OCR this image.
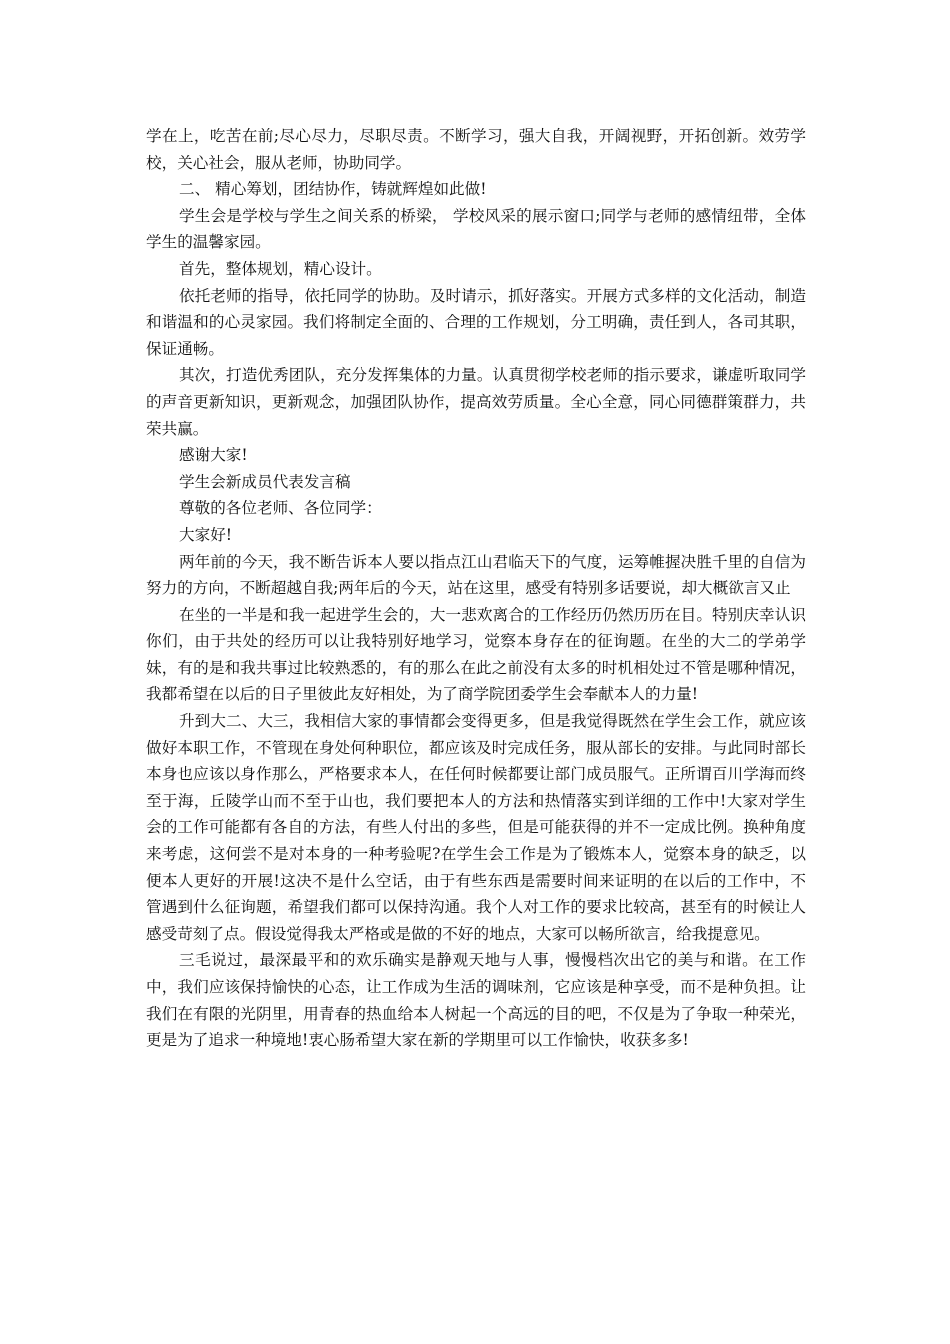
学在上，吃苦在前;尽心尽力，尽职尽责。不断学习，强大自我，开阔视野，开拓创新。效劳学校，关心社会，服从老师，协助同学。

二、 精心筹划，团结协作，铸就辉煌如此做!

学生会是学校与学生之间关系的桥梁， 学校风采的展示窗口;同学与老师的感情纽带，全体学生的温馨家园。

首先，整体规划，精心设计。

依托老师的指导，依托同学的协助。及时请示，抓好落实。开展方式多样的文化活动，制造和谐温和的心灵家园。我们将制定全面的、合理的工作规划，分工明确，责任到人，各司其职，保证通畅。

其次，打造优秀团队，充分发挥集体的力量。认真贯彻学校老师的指示要求，谦虚听取同学的声音更新知识，更新观念，加强团队协作，提高效劳质量。全心全意，同心同德群策群力，共荣共赢。

感谢大家!

学生会新成员代表发言稿

尊敬的各位老师、各位同学：

大家好!

两年前的今天，我不断告诉本人要以指点江山君临天下的气度，运筹帷握决胜千里的自信为努力的方向，不断超越自我;两年后的今天，站在这里，感受有特别多话要说，却大概欲言又止

在坐的一半是和我一起进学生会的，大一悲欢离合的工作经历仍然历历在目。特别庆幸认识你们，由于共处的经历可以让我特别好地学习，觉察本身存在的征询题。在坐的大二的学弟学妹，有的是和我共事过比较熟悉的，有的那么在此之前没有太多的时机相处过不管是哪种情况，我都希望在以后的日子里彼此友好相处，为了商学院团委学生会奉献本人的力量!

升到大二、大三，我相信大家的事情都会变得更多，但是我觉得既然在学生会工作，就应该做好本职工作，不管现在身处何种职位，都应该及时完成任务，服从部长的安排。与此同时部长本身也应该以身作那么，严格要求本人，在任何时候都要让部门成员服气。正所谓百川学海而终至于海，丘陵学山而不至于山也，我们要把本人的方法和热情落实到详细的工作中!大家对学生会的工作可能都有各自的方法，有些人付出的多些，但是可能获得的并不一定成比例。换种角度来考虑，这何尝不是对本身的一种考验呢?在学生会工作是为了锻炼本人，觉察本身的缺乏，以便本人更好的开展!这决不是什么空话，由于有些东西是需要时间来证明的在以后的工作中，不管遇到什么征询题，希望我们都可以保持沟通。我个人对工作的要求比较高，甚至有的时候让人感受苛刻了点。假设觉得我太严格或是做的不好的地点，大家可以畅所欲言，给我提意见。

三毛说过，最深最平和的欢乐确实是静观天地与人事，慢慢档次出它的美与和谐。在工作中，我们应该保持愉快的心态，让工作成为生活的调味剂，它应该是种享受，而不是种负担。让我们在有限的光阴里，用青春的热血给本人树起一个高远的目的吧，不仅是为了争取一种荣光，更是为了追求一种境地!衷心肠希望大家在新的学期里可以工作愉快，收获多多!
